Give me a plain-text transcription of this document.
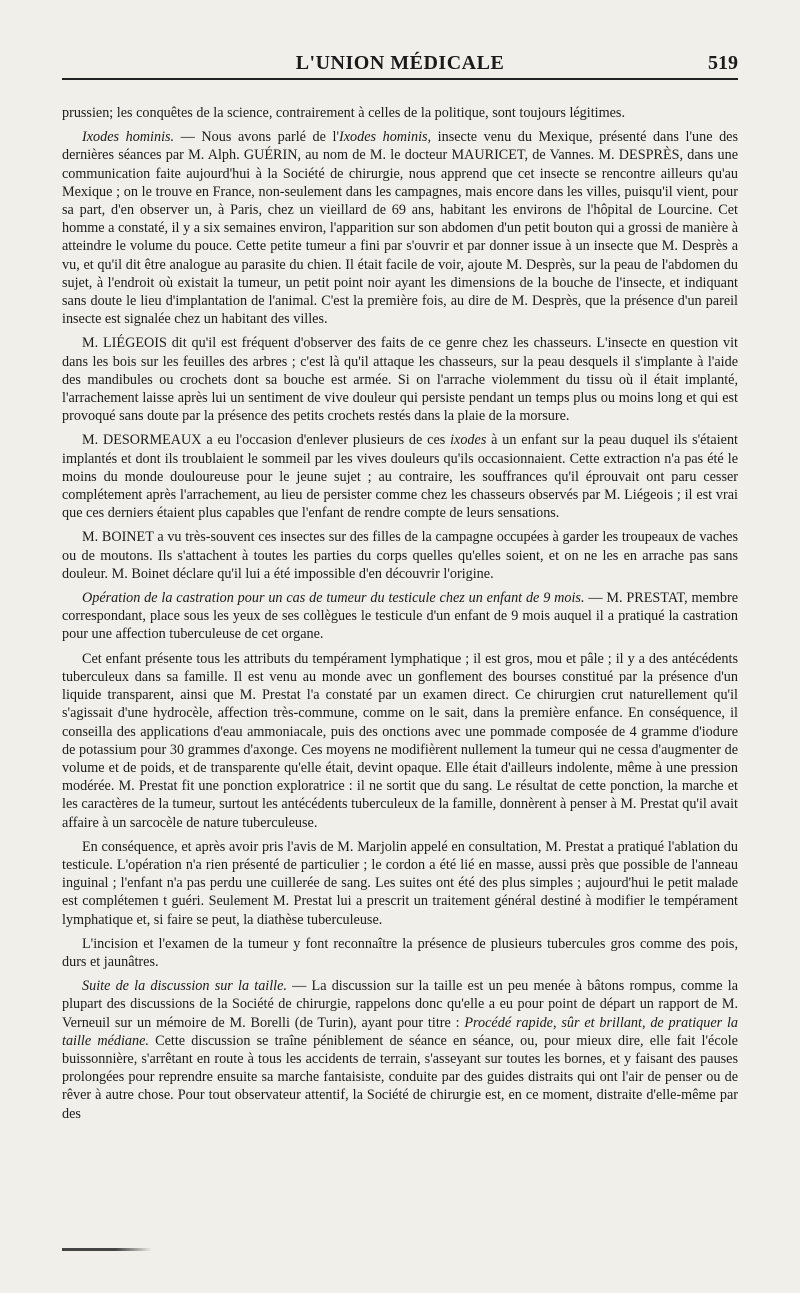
L'UNION MÉDICALE	519

prussien; les conquêtes de la science, contrairement à celles de la politique, sont toujours légitimes.

Ixodes hominis. — Nous avons parlé de l'Ixodes hominis, insecte venu du Mexique, présenté dans l'une des dernières séances par M. Alph. GUÉRIN, au nom de M. le docteur MAURICET, de Vannes. M. DESPRÈS, dans une communication faite aujourd'hui à la Société de chirurgie, nous apprend que cet insecte se rencontre ailleurs qu'au Mexique ; on le trouve en France, non-seulement dans les campagnes, mais encore dans les villes, puisqu'il vient, pour sa part, d'en observer un, à Paris, chez un vieillard de 69 ans, habitant les environs de l'hôpital de Lourcine. Cet homme a constaté, il y a six semaines environ, l'apparition sur son abdomen d'un petit bouton qui a grossi de manière à atteindre le volume du pouce. Cette petite tumeur a fini par s'ouvrir et par donner issue à un insecte que M. Desprès a vu, et qu'il dit être analogue au parasite du chien. Il était facile de voir, ajoute M. Desprès, sur la peau de l'abdomen du sujet, à l'endroit où existait la tumeur, un petit point noir ayant les dimensions de la bouche de l'insecte, et indiquant sans doute le lieu d'implantation de l'animal. C'est la première fois, au dire de M. Desprès, que la présence d'un pareil insecte est signalée chez un habitant des villes.

M. LIÉGEOIS dit qu'il est fréquent d'observer des faits de ce genre chez les chasseurs. L'insecte en question vit dans les bois sur les feuilles des arbres ; c'est là qu'il attaque les chasseurs, sur la peau desquels il s'implante à l'aide des mandibules ou crochets dont sa bouche est armée. Si on l'arrache violemment du tissu où il était implanté, l'arrachement laisse après lui un sentiment de vive douleur qui persiste pendant un temps plus ou moins long et qui est provoqué sans doute par la présence des petits crochets restés dans la plaie de la morsure.

M. DESORMEAUX a eu l'occasion d'enlever plusieurs de ces ixodes à un enfant sur la peau duquel ils s'étaient implantés et dont ils troublaient le sommeil par les vives douleurs qu'ils occasionnaient. Cette extraction n'a pas été le moins du monde douloureuse pour le jeune sujet ; au contraire, les souffrances qu'il éprouvait ont paru cesser complétement après l'arrachement, au lieu de persister comme chez les chasseurs observés par M. Liégeois ; il est vrai que ces derniers étaient plus capables que l'enfant de rendre compte de leurs sensations.

M. BOINET a vu très-souvent ces insectes sur des filles de la campagne occupées à garder les troupeaux de vaches ou de moutons. Ils s'attachent à toutes les parties du corps quelles qu'elles soient, et on ne les en arrache pas sans douleur. M. Boinet déclare qu'il lui a été impossible d'en découvrir l'origine.

Opération de la castration pour un cas de tumeur du testicule chez un enfant de 9 mois. — M. PRESTAT, membre correspondant, place sous les yeux de ses collègues le testicule d'un enfant de 9 mois auquel il a pratiqué la castration pour une affection tuberculeuse de cet organe.

Cet enfant présente tous les attributs du tempérament lymphatique ; il est gros, mou et pâle ; il y a des antécédents tuberculeux dans sa famille. Il est venu au monde avec un gonflement des bourses constitué par la présence d'un liquide transparent, ainsi que M. Prestat l'a constaté par un examen direct. Ce chirurgien crut naturellement qu'il s'agissait d'une hydrocèle, affection très-commune, comme on le sait, dans la première enfance. En conséquence, il conseilla des applications d'eau ammoniacale, puis des onctions avec une pommade composée de 4 gramme d'iodure de potassium pour 30 grammes d'axonge. Ces moyens ne modifièrent nullement la tumeur qui ne cessa d'augmenter de volume et de poids, et de transparente qu'elle était, devint opaque. Elle était d'ailleurs indolente, même à une pression modérée. M. Prestat fit une ponction exploratrice : il ne sortit que du sang. Le résultat de cette ponction, la marche et les caractères de la tumeur, surtout les antécédents tuberculeux de la famille, donnèrent à penser à M. Prestat qu'il avait affaire à un sarcocèle de nature tuberculeuse.

En conséquence, et après avoir pris l'avis de M. Marjolin appelé en consultation, M. Prestat a pratiqué l'ablation du testicule. L'opération n'a rien présenté de particulier ; le cordon a été lié en masse, aussi près que possible de l'anneau inguinal ; l'enfant n'a pas perdu une cuillerée de sang. Les suites ont été des plus simples ; aujourd'hui le petit malade est complétemen t guéri. Seulement M. Prestat lui a prescrit un traitement général destiné à modifier le tempérament lymphatique et, si faire se peut, la diathèse tuberculeuse.

L'incision et l'examen de la tumeur y font reconnaître la présence de plusieurs tubercules gros comme des pois, durs et jaunâtres.

Suite de la discussion sur la taille. — La discussion sur la taille est un peu menée à bâtons rompus, comme la plupart des discussions de la Société de chirurgie, rappelons donc qu'elle a eu pour point de départ un rapport de M. Verneuil sur un mémoire de M. Borelli (de Turin), ayant pour titre : Procédé rapide, sûr et brillant, de pratiquer la taille médiane. Cette discussion se traîne péniblement de séance en séance, ou, pour mieux dire, elle fait l'école buissonnière, s'arrêtant en route à tous les accidents de terrain, s'asseyant sur toutes les bornes, et y faisant des pauses prolongées pour reprendre ensuite sa marche fantaisiste, conduite par des guides distraits qui ont l'air de penser ou de rêver à autre chose. Pour tout observateur attentif, la Société de chirurgie est, en ce moment, distraite d'elle-même par des
